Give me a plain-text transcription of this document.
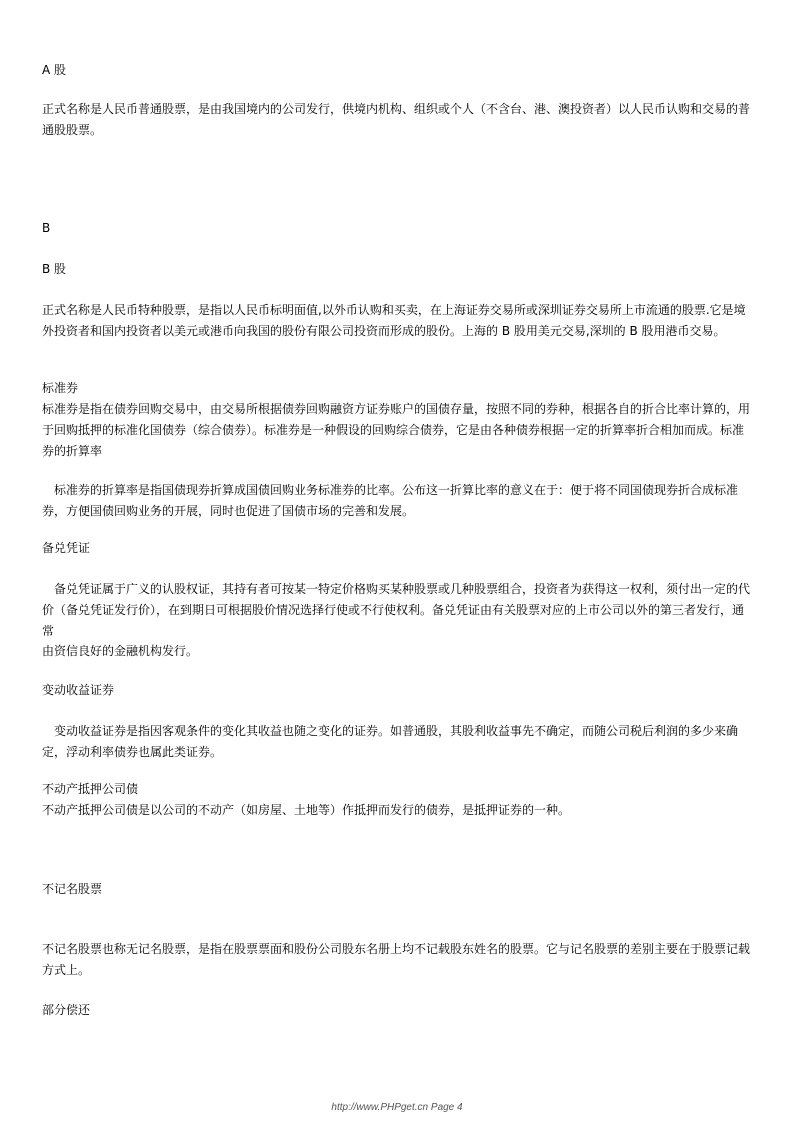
A 股

正式名称是人民币普通股票，是由我国境内的公司发行，供境内机构、组织或个人（不含台、港、澳投资者）以人民币认购和交易的普通股股票。

B

B 股

正式名称是人民币特种股票，是指以人民币标明面值,以外币认购和买卖，在上海证券交易所或深圳证券交易所上市流通的股票.它是境外投资者和国内投资者以美元或港币向我国的股份有限公司投资而形成的股份。上海的 B 股用美元交易,深圳的 B 股用港币交易。

标准券

标准券是指在债券回购交易中，由交易所根据债券回购融资方证券账户的国债存量，按照不同的券种，根据各自的折合比率计算的，用于回购抵押的标准化国债券（综合债券）。标准券是一种假设的回购综合债券，它是由各种债券根据一定的折算率折合相加而成。标准券的折算率

标准券的折算率是指国债现券折算成国债回购业务标准券的比率。公布这一折算比率的意义在于：便于将不同国债现券折合成标准券，方便国债回购业务的开展，同时也促进了国债市场的完善和发展。

备兑凭证

备兑凭证属于广义的认股权证，其持有者可按某一特定价格购买某种股票或几种股票组合，投资者为获得这一权利，须付出一定的代价（备兑凭证发行价），在到期日可根据股价情况选择行使或不行使权利。备兑凭证由有关股票对应的上市公司以外的第三者发行，通常

由资信良好的金融机构发行。

变动收益证券

变动收益证券是指因客观条件的变化其收益也随之变化的证券。如普通股，其股利收益事先不确定，而随公司税后利润的多少来确定，浮动利率债券也属此类证券。

不动产抵押公司债

不动产抵押公司债是以公司的不动产（如房屋、土地等）作抵押而发行的债券，是抵押证券的一种。

不记名股票

不记名股票也称无记名股票，是指在股票票面和股份公司股东名册上均不记载股东姓名的股票。它与记名股票的差别主要在于股票记载方式上。

部分偿还

http://www.PHPget.cn Page 4
